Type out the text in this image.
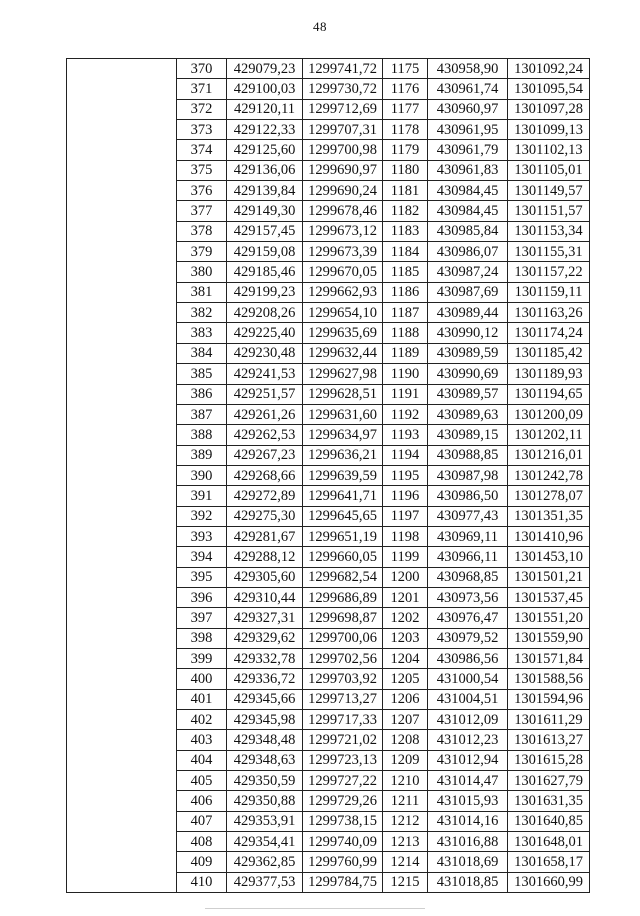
48
	370	429079,23	1299741,72	1175	430958,90	1301092,24
	371	429100,03	1299730,72	1176	430961,74	1301095,54
	372	429120,11	1299712,69	1177	430960,97	1301097,28
	373	429122,33	1299707,31	1178	430961,95	1301099,13
	374	429125,60	1299700,98	1179	430961,79	1301102,13
	375	429136,06	1299690,97	1180	430961,83	1301105,01
	376	429139,84	1299690,24	1181	430984,45	1301149,57
	377	429149,30	1299678,46	1182	430984,45	1301151,57
	378	429157,45	1299673,12	1183	430985,84	1301153,34
	379	429159,08	1299673,39	1184	430986,07	1301155,31
	380	429185,46	1299670,05	1185	430987,24	1301157,22
	381	429199,23	1299662,93	1186	430987,69	1301159,11
	382	429208,26	1299654,10	1187	430989,44	1301163,26
	383	429225,40	1299635,69	1188	430990,12	1301174,24
	384	429230,48	1299632,44	1189	430989,59	1301185,42
	385	429241,53	1299627,98	1190	430990,69	1301189,93
	386	429251,57	1299628,51	1191	430989,57	1301194,65
	387	429261,26	1299631,60	1192	430989,63	1301200,09
	388	429262,53	1299634,97	1193	430989,15	1301202,11
	389	429267,23	1299636,21	1194	430988,85	1301216,01
	390	429268,66	1299639,59	1195	430987,98	1301242,78
	391	429272,89	1299641,71	1196	430986,50	1301278,07
	392	429275,30	1299645,65	1197	430977,43	1301351,35
	393	429281,67	1299651,19	1198	430969,11	1301410,96
	394	429288,12	1299660,05	1199	430966,11	1301453,10
	395	429305,60	1299682,54	1200	430968,85	1301501,21
	396	429310,44	1299686,89	1201	430973,56	1301537,45
	397	429327,31	1299698,87	1202	430976,47	1301551,20
	398	429329,62	1299700,06	1203	430979,52	1301559,90
	399	429332,78	1299702,56	1204	430986,56	1301571,84
	400	429336,72	1299703,92	1205	431000,54	1301588,56
	401	429345,66	1299713,27	1206	431004,51	1301594,96
	402	429345,98	1299717,33	1207	431012,09	1301611,29
	403	429348,48	1299721,02	1208	431012,23	1301613,27
	404	429348,63	1299723,13	1209	431012,94	1301615,28
	405	429350,59	1299727,22	1210	431014,47	1301627,79
	406	429350,88	1299729,26	1211	431015,93	1301631,35
	407	429353,91	1299738,15	1212	431014,16	1301640,85
	408	429354,41	1299740,09	1213	431016,88	1301648,01
	409	429362,85	1299760,99	1214	431018,69	1301658,17
	410	429377,53	1299784,75	1215	431018,85	1301660,99
